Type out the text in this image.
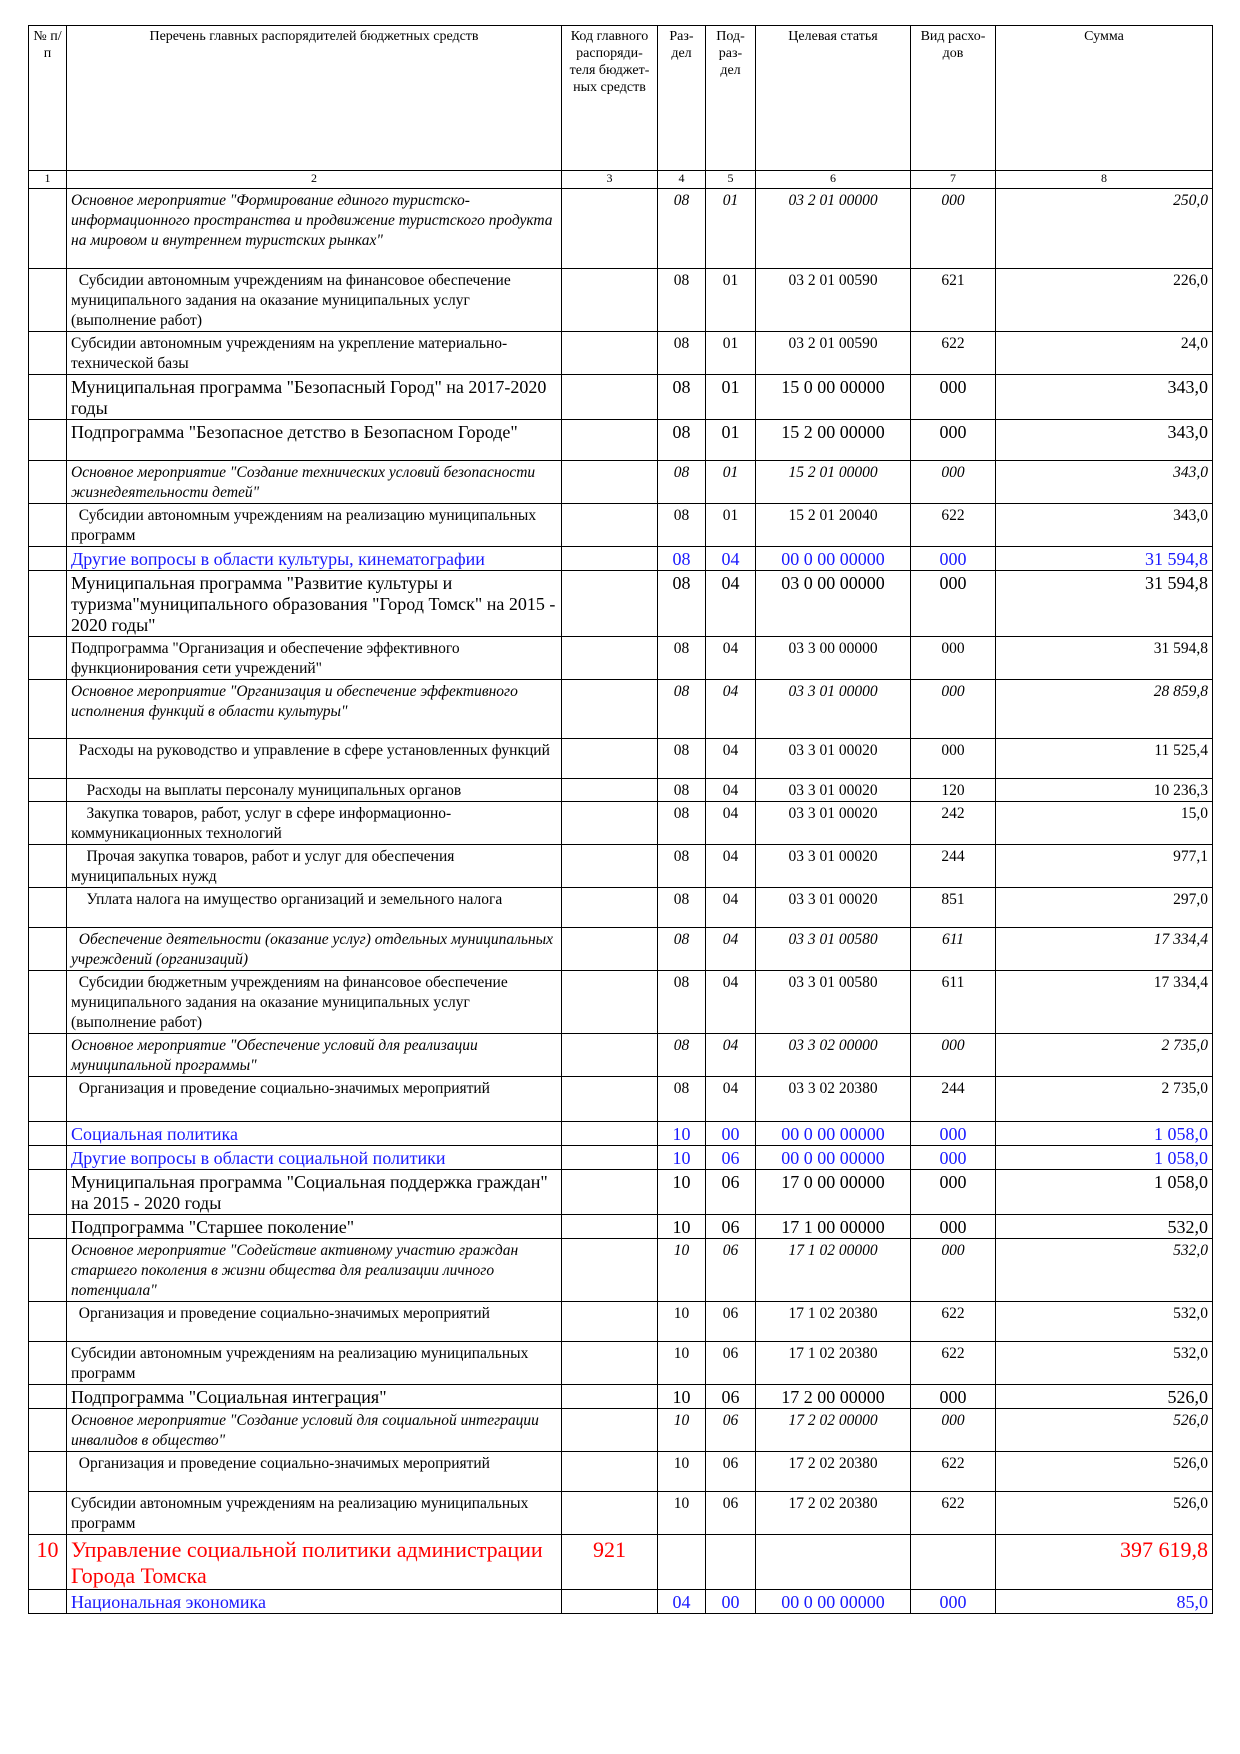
№ п/п	Перечень главных распорядителей бюджетных средств	Код главного распоряди-теля бюджет-ных средств	Раз-дел	Под-раз-дел	Целевая статья	Вид расхо-дов	Сумма
1	2	3	4	5	6	7	8
	Основное мероприятие "Формирование единого туристско-информационного пространства и продвижение туристского продукта на мировом и внутреннем туристских рынках"		08	01	03 2 01 00000	000	250,0
	Субсидии автономным учреждениям на финансовое обеспечение муниципального задания на оказание муниципальных услуг (выполнение работ)		08	01	03 2 01 00590	621	226,0
	Субсидии автономным учреждениям на укрепление материально-технической базы		08	01	03 2 01 00590	622	24,0
	Муниципальная программа "Безопасный Город" на 2017-2020 годы		08	01	15 0 00 00000	000	343,0
	Подпрограмма "Безопасное детство в Безопасном Городе"		08	01	15 2 00 00000	000	343,0
	Основное мероприятие "Создание технических условий безопасности жизнедеятельности детей"		08	01	15 2 01 00000	000	343,0
	Субсидии автономным учреждениям на реализацию муниципальных программ		08	01	15 2 01 20040	622	343,0
	Другие вопросы в области культуры, кинематографии		08	04	00 0 00 00000	000	31 594,8
	Муниципальная программа "Развитие культуры и туризма"муниципального образования "Город Томск" на 2015 - 2020 годы"		08	04	03 0 00 00000	000	31 594,8
	Подпрограмма "Организация и обеспечение эффективного функционирования сети учреждений"		08	04	03 3 00 00000	000	31 594,8
	Основное мероприятие "Организация и обеспечение эффективного исполнения функций в области культуры"		08	04	03 3 01 00000	000	28 859,8
	Расходы на руководство и управление в сфере установленных функций		08	04	03 3 01 00020	000	11 525,4
	Расходы на выплаты персоналу муниципальных органов		08	04	03 3 01 00020	120	10 236,3
	Закупка товаров, работ, услуг в сфере информационно-коммуникационных технологий		08	04	03 3 01 00020	242	15,0
	Прочая закупка товаров, работ и услуг для обеспечения муниципальных нужд		08	04	03 3 01 00020	244	977,1
	Уплата налога на имущество организаций и земельного налога		08	04	03 3 01 00020	851	297,0
	Обеспечение деятельности (оказание услуг) отдельных муниципальных учреждений (организаций)		08	04	03 3 01 00580	611	17 334,4
	Субсидии бюджетным учреждениям на финансовое обеспечение муниципального задания на оказание муниципальных услуг (выполнение работ)		08	04	03 3 01 00580	611	17 334,4
	Основное мероприятие "Обеспечение условий для реализации муниципальной программы"		08	04	03 3 02 00000	000	2 735,0
	Организация и проведение социально-значимых мероприятий		08	04	03 3 02 20380	244	2 735,0
	Социальная политика		10	00	00 0 00 00000	000	1 058,0
	Другие вопросы в области социальной политики		10	06	00 0 00 00000	000	1 058,0
	Муниципальная программа "Социальная поддержка граждан" на 2015 - 2020 годы		10	06	17 0 00 00000	000	1 058,0
	Подпрограмма "Старшее поколение"		10	06	17 1 00 00000	000	532,0
	Основное мероприятие "Содействие активному участию граждан старшего поколения в жизни общества для реализации личного потенциала"		10	06	17 1 02 00000	000	532,0
	Организация и проведение социально-значимых мероприятий		10	06	17 1 02 20380	622	532,0
	Субсидии автономным учреждениям на реализацию муниципальных программ		10	06	17 1 02 20380	622	532,0
	Подпрограмма "Социальная интеграция"		10	06	17 2 00 00000	000	526,0
	Основное мероприятие "Создание условий для социальной интеграции инвалидов в общество"		10	06	17 2 02 00000	000	526,0
	Организация и проведение социально-значимых мероприятий		10	06	17 2 02 20380	622	526,0
	Субсидии автономным учреждениям на реализацию муниципальных программ		10	06	17 2 02 20380	622	526,0
10	Управление социальной политики администрации Города Томска	921					397 619,8
	Национальная экономика		04	00	00 0 00 00000	000	85,0
